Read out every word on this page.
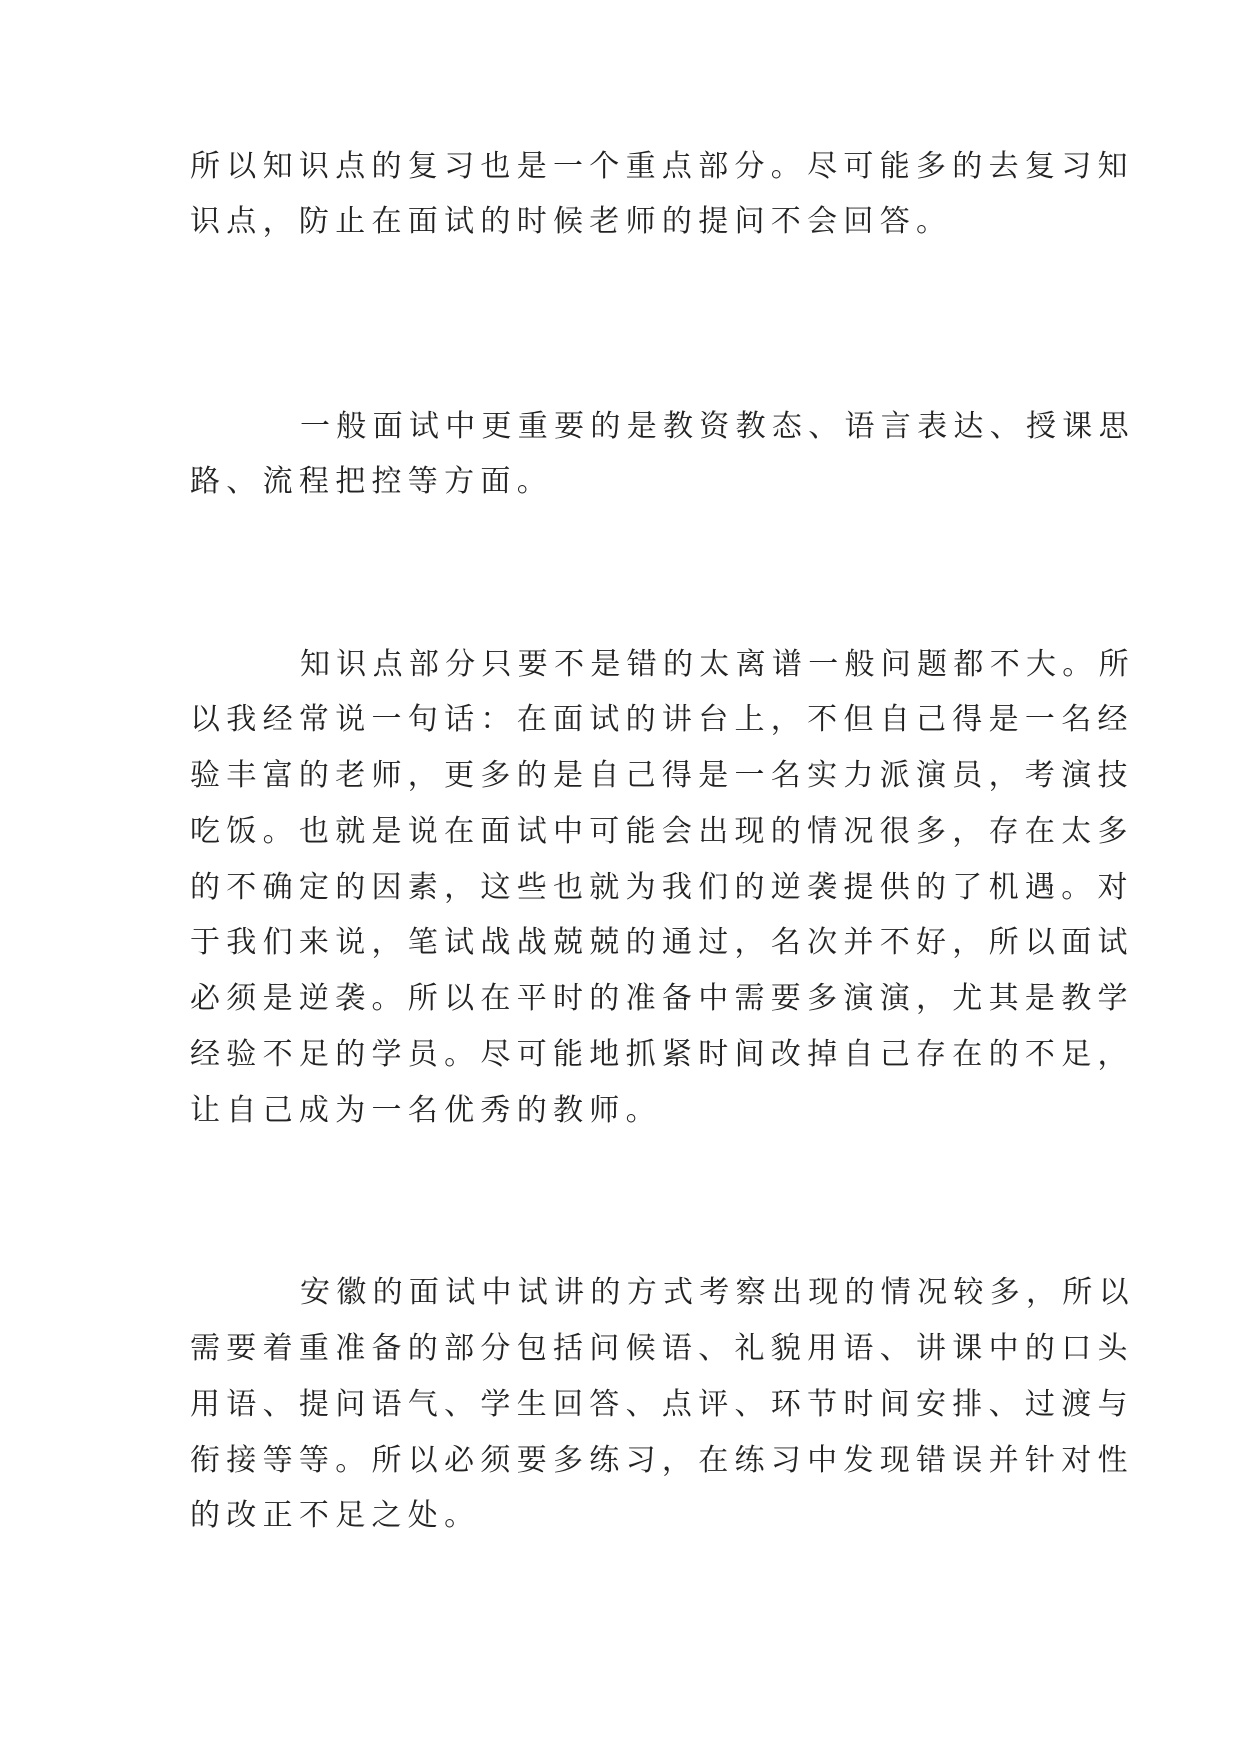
所以知识点的复习也是一个重点部分。尽可能多的去复习知
识点，防止在面试的时候老师的提问不会回答。
一般面试中更重要的是教资教态、语言表达、授课思
路、流程把控等方面。
知识点部分只要不是错的太离谱一般问题都不大。所
以我经常说一句话：在面试的讲台上，不但自己得是一名经
验丰富的老师，更多的是自己得是一名实力派演员，考演技
吃饭。也就是说在面试中可能会出现的情况很多，存在太多
的不确定的因素，这些也就为我们的逆袭提供的了机遇。对
于我们来说，笔试战战兢兢的通过，名次并不好，所以面试
必须是逆袭。所以在平时的准备中需要多演演，尤其是教学
经验不足的学员。尽可能地抓紧时间改掉自己存在的不足，
让自己成为一名优秀的教师。
安徽的面试中试讲的方式考察出现的情况较多，所以
需要着重准备的部分包括问候语、礼貌用语、讲课中的口头
用语、提问语气、学生回答、点评、环节时间安排、过渡与
衔接等等。所以必须要多练习，在练习中发现错误并针对性
的改正不足之处。
